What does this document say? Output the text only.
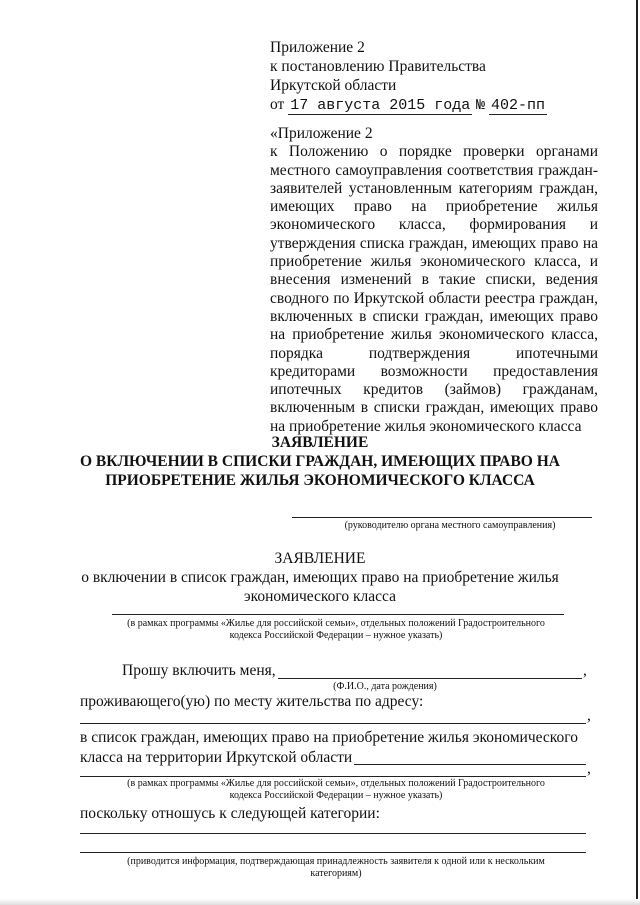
Приложение 2
к постановлению Правительства
Иркутской области
от 17 августа 2015 года № 402-пп

«Приложение 2

к Положению о порядке проверки органами местного самоуправления соответствия граждан-заявителей установленным категориям граждан, имеющих право на приобретение жилья экономического класса, формирования и утверждения списка граждан, имеющих право на приобретение жилья экономического класса, и внесения изменений в такие списки, ведения сводного по Иркутской области реестра граждан, включенных в списки граждан, имеющих право на приобретение жилья экономического класса, порядка подтверждения ипотечными кредиторами возможности предоставления ипотечных кредитов (займов) гражданам, включенным в списки граждан, имеющих право на приобретение жилья экономического класса

ЗАЯВЛЕНИЕ
О ВКЛЮЧЕНИИ В СПИСКИ ГРАЖДАН, ИМЕЮЩИХ ПРАВО НА
ПРИОБРЕТЕНИЕ ЖИЛЬЯ ЭКОНОМИЧЕСКОГО КЛАССА
(руководителю органа местного самоуправления)
ЗАЯВЛЕНИЕ
о включении в список граждан, имеющих право на приобретение жилья
экономического класса
(в рамках программы «Жилье для российской семьи», отдельных положений Градостроительного
кодекса Российской Федерации – нужное указать)
Прошу включить меня,	,
(Ф.И.О., дата рождения)
проживающего(ую) по месту жительства по адресу:
,
в список граждан, имеющих право на приобретение жилья экономического
класса на территории Иркутской области
,
(в рамках программы «Жилье для российской семьи», отдельных положений Градостроительного
кодекса Российской Федерации – нужное указать)
поскольку отношусь к следующей категории:
(приводится информация, подтверждающая принадлежность заявителя к одной или к нескольким
категориям)
